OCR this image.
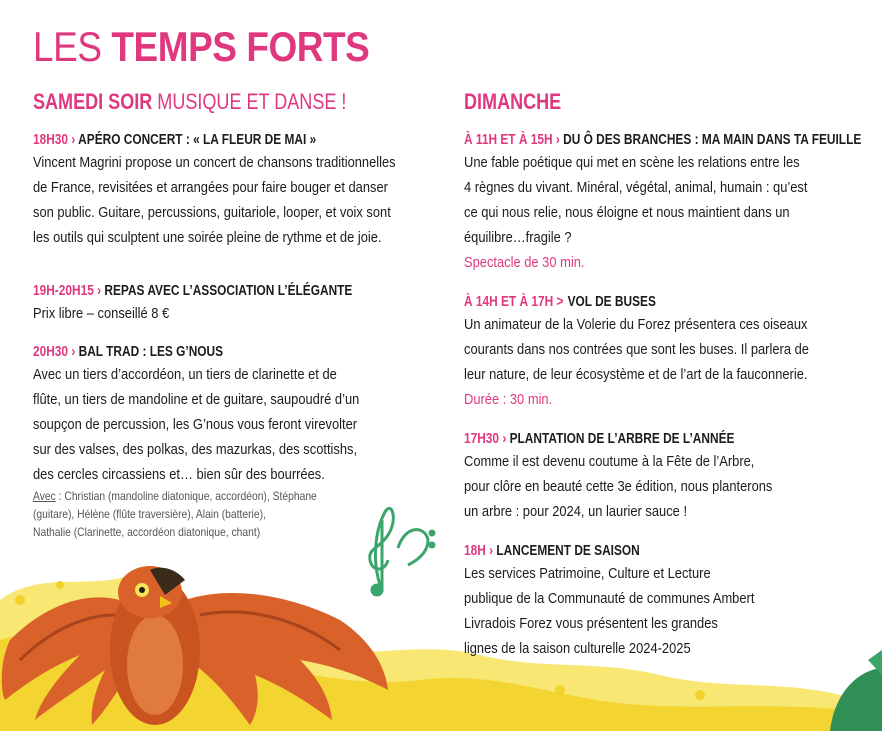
LES TEMPS FORTS
SAMEDI SOIR MUSIQUE ET DANSE !
18H30 › APÉRO CONCERT : « LA FLEUR DE MAI »
Vincent Magrini propose un concert de chansons traditionnelles
de France, revisitées et arrangées pour faire bouger et danser
son public. Guitare, percussions, guitariole, looper, et voix sont
les outils qui sculptent une soirée pleine de rythme et de joie.
19H-20H15 › REPAS AVEC L’ASSOCIATION L’ÉLÉGANTE
Prix libre – conseillé 8 €
20H30 › BAL TRAD : LES G’NOUS
Avec un tiers d’accordéon, un tiers de clarinette et de
flûte, un tiers de mandoline et de guitare, saupoudré d’un
soupçon de percussion, les G’nous vous feront virevolter
sur des valses, des polkas, des mazurkas, des scottishs,
des cercles circassiens et… bien sûr des bourrées.
Avec : Christian (mandoline diatonique, accordéon), Stéphane
(guitare), Hélène (flûte traversière), Alain (batterie),
Nathalie (Clarinette, accordéon diatonique, chant)
DIMANCHE
À 11H ET À 15H › DU Ô DES BRANCHES : MA MAIN DANS TA FEUILLE
Une fable poétique qui met en scène les relations entre les
4 règnes du vivant. Minéral, végétal, animal, humain : qu’est
ce qui nous relie, nous éloigne et nous maintient dans un
équilibre…fragile ?
Spectacle de 30 min.
À 14H ET À 17H > VOL DE BUSES
Un animateur de la Volerie du Forez présentera ces oiseaux
courants dans nos contrées que sont les buses. Il parlera de
leur nature, de leur écosystème et de l’art de la fauconnerie.
Durée : 30 min.
17H30 › PLANTATION DE L’ARBRE DE L’ANNÉE
Comme il est devenu coutume à la Fête de l’Arbre,
pour clôre en beauté cette 3e édition, nous planterons
un arbre : pour 2024, un laurier sauce !
18H › LANCEMENT DE SAISON
Les services Patrimoine, Culture et Lecture
publique de la Communauté de communes Ambert
Livradois Forez vous présentent les grandes
lignes de la saison culturelle 2024-2025
